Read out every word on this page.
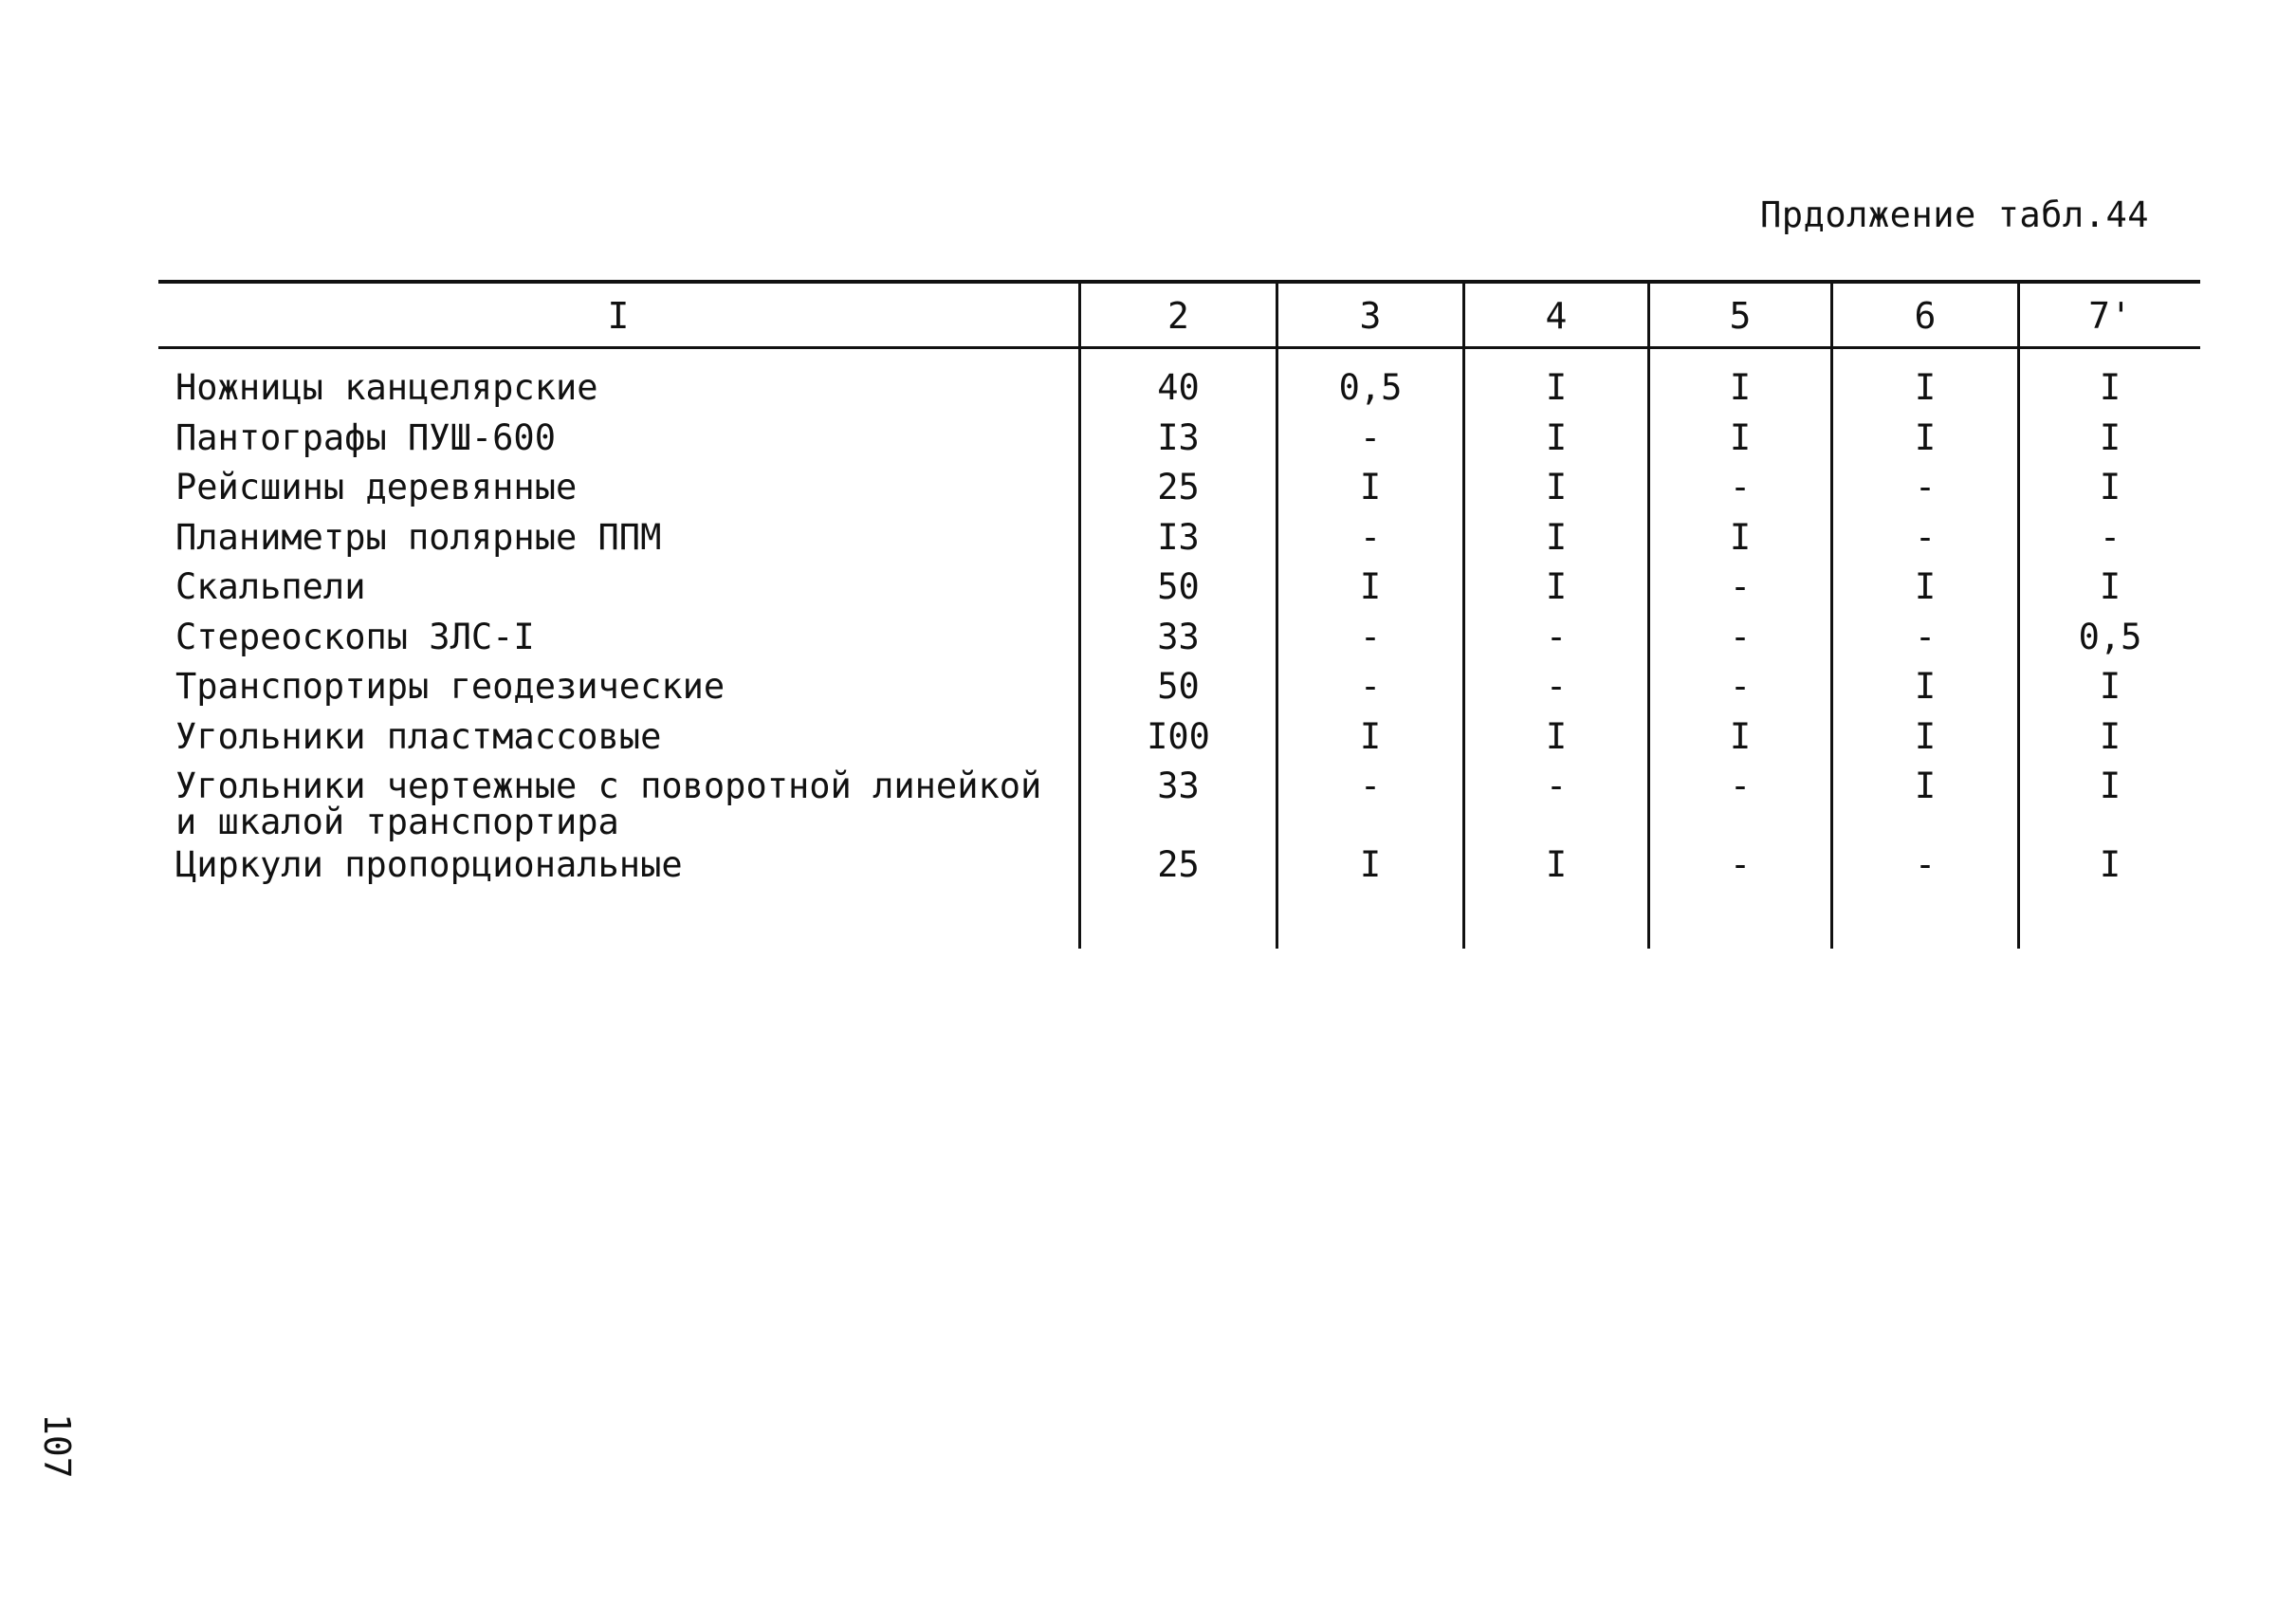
Прдолжение табл.44
I	2	3	4	5	6	7'
Ножницы канцелярские	40	0,5	I	I	I	I
Пантографы ПУШ-600	I3	-	I	I	I	I
Рейсшины деревянные	25	I	I	-	-	I
Планиметры полярные ППМ	I3	-	I	I	-	-
Скальпели	50	I	I	-	I	I
Стереоскопы ЗЛС-I	33	-	-	-	-	0,5
Транспортиры геодезические	50	-	-	-	I	I
Угольники пластмассовые	I00	I	I	I	I	I
Угольники чертежные с поворотной линейкой
и шкалой транспортира
33	-	-	-	I	I
Циркули пропорциональные	25	I	I	-	-	I
107
